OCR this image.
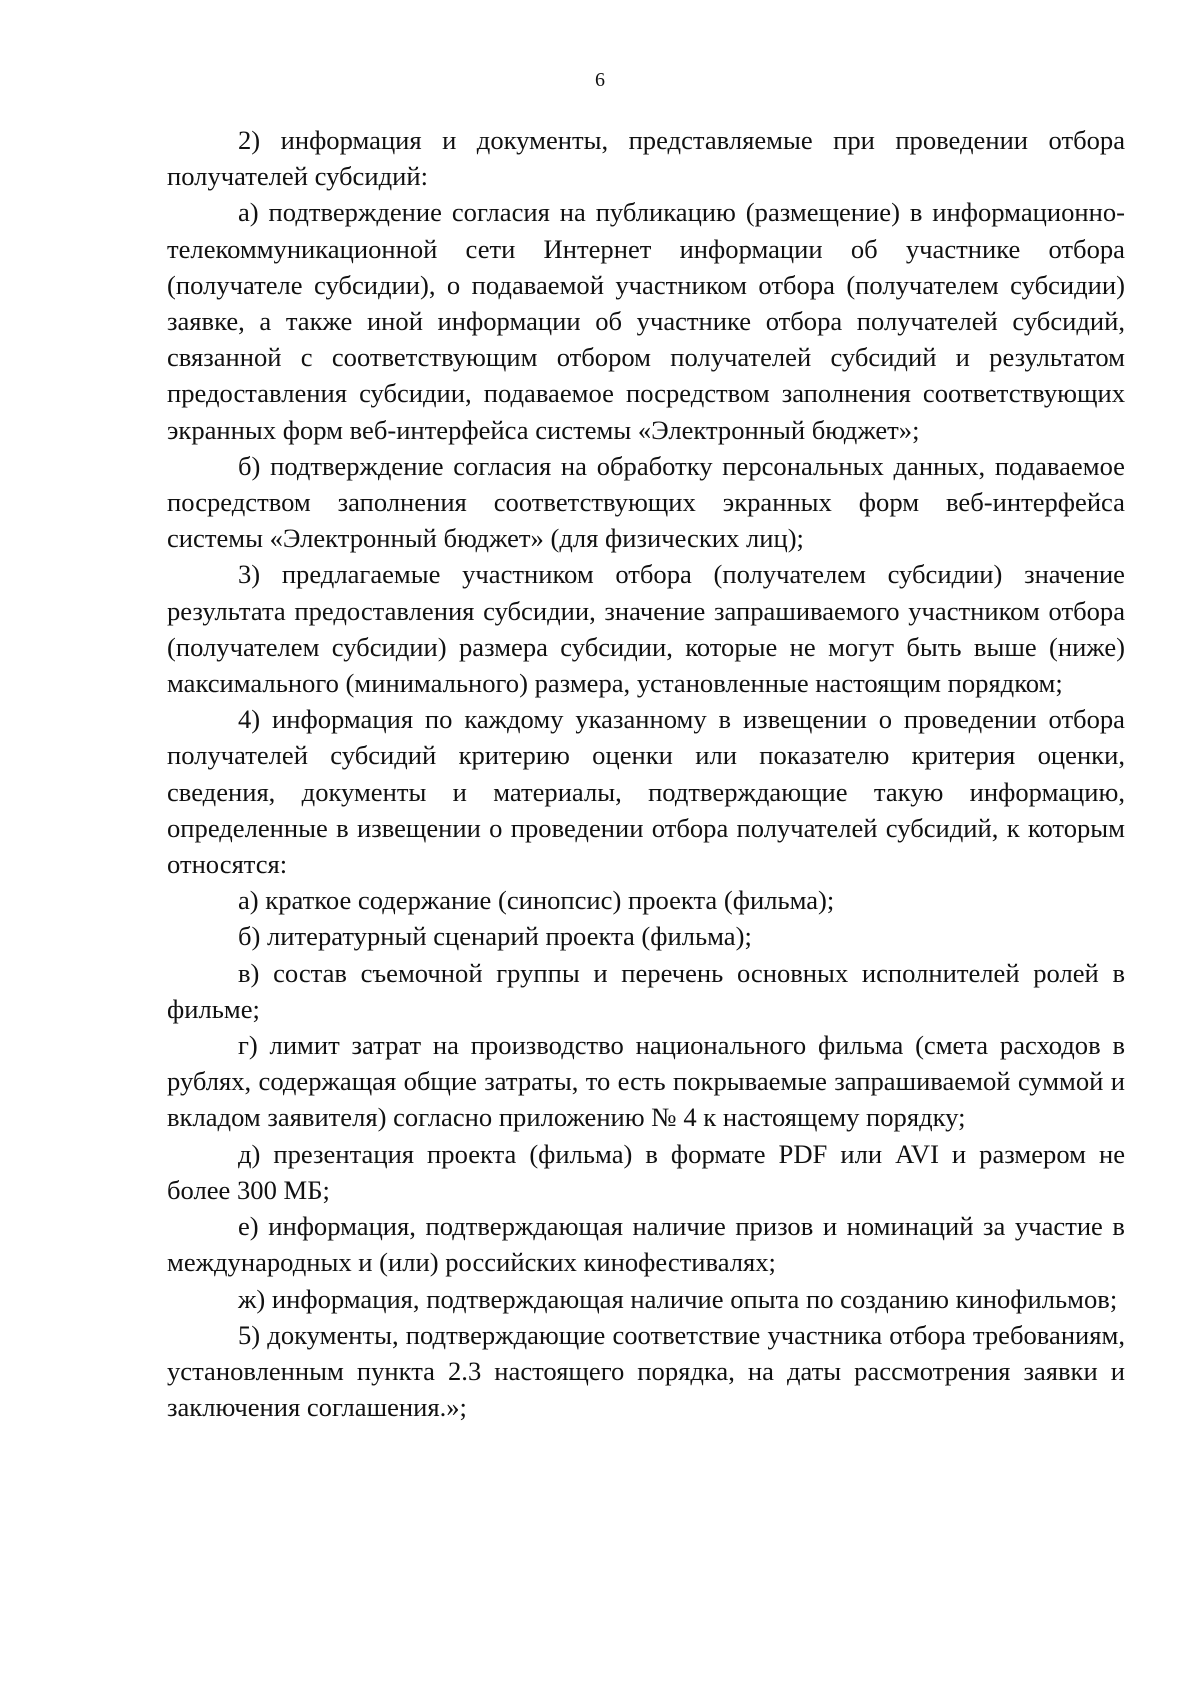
6

2) информация и документы, представляемые при проведении отбора получателей субсидий:

а) подтверждение согласия на публикацию (размещение) в информационно-телекоммуникационной сети Интернет информации об участнике отбора (получателе субсидии), о подаваемой участником отбора (получателем субсидии) заявке, а также иной информации об участнике отбора получателей субсидий, связанной с соответствующим отбором получателей субсидий и результатом предоставления субсидии, подаваемое посредством заполнения соответствующих экранных форм веб-интерфейса системы «Электронный бюджет»;

б) подтверждение согласия на обработку персональных данных, подаваемое посредством заполнения соответствующих экранных форм веб-интерфейса системы «Электронный бюджет» (для физических лиц);

3) предлагаемые участником отбора (получателем субсидии) значение результата предоставления субсидии, значение запрашиваемого участником отбора (получателем субсидии) размера субсидии, которые не могут быть выше (ниже) максимального (минимального) размера, установленные настоящим порядком;

4) информация по каждому указанному в извещении о проведении отбора получателей субсидий критерию оценки или показателю критерия оценки, сведения, документы и материалы, подтверждающие такую информацию, определенные в извещении о проведении отбора получателей субсидий, к которым относятся:

а) краткое содержание (синопсис) проекта (фильма);

б) литературный сценарий проекта (фильма);

в) состав съемочной группы и перечень основных исполнителей ролей в фильме;

г) лимит затрат на производство национального фильма (смета расходов в рублях, содержащая общие затраты, то есть покрываемые запрашиваемой суммой и вкладом заявителя) согласно приложению № 4 к настоящему порядку;

д) презентация проекта (фильма) в формате PDF или AVI и размером не более 300 МБ;

е) информация, подтверждающая наличие призов и номинаций за участие в международных и (или) российских кинофестивалях;

ж) информация, подтверждающая наличие опыта по созданию кинофильмов;

5) документы, подтверждающие соответствие участника отбора требованиям, установленным пункта 2.3 настоящего порядка, на даты рассмотрения заявки и заключения соглашения.»;
